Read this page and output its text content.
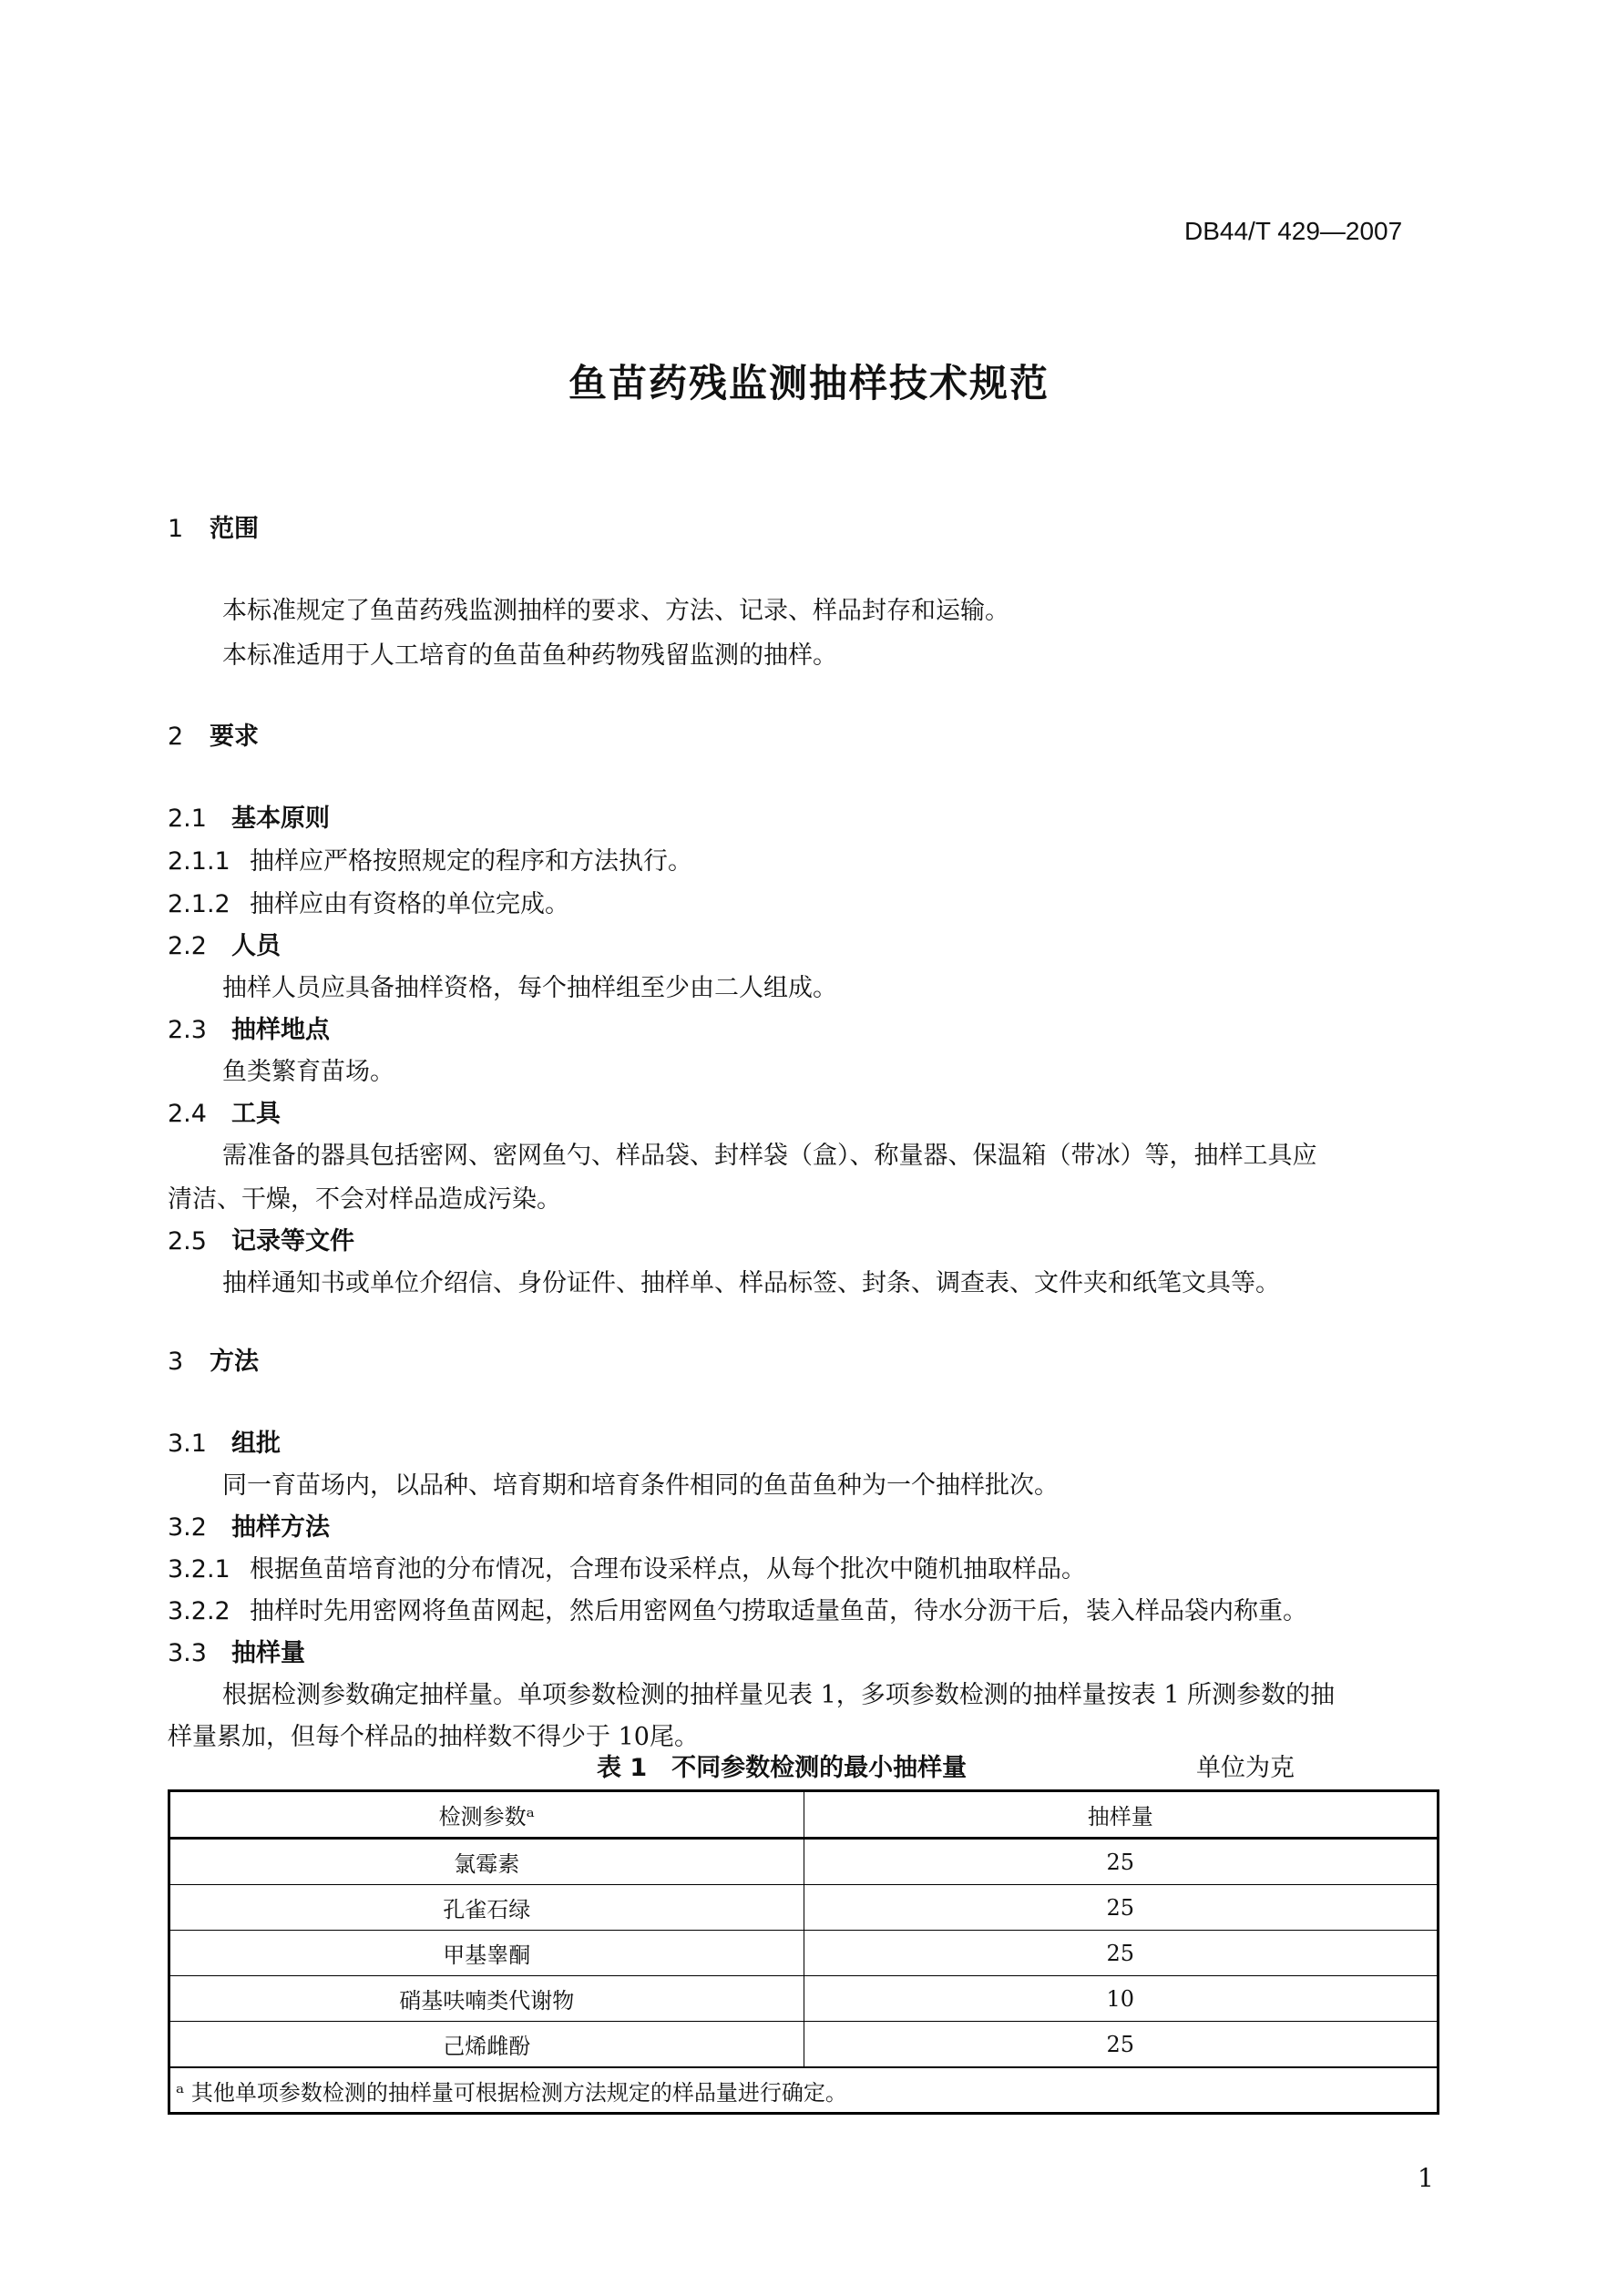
DB44/T 429—2007
鱼苗药残监测抽样技术规范
1 范围
本标准规定了鱼苗药残监测抽样的要求、方法、记录、样品封存和运输。
本标准适用于人工培育的鱼苗鱼种药物残留监测的抽样。
2 要求
2.1 基本原则
2.1.1 抽样应严格按照规定的程序和方法执行。
2.1.2 抽样应由有资格的单位完成。
2.2 人员
抽样人员应具备抽样资格，每个抽样组至少由二人组成。
2.3 抽样地点
鱼类繁育苗场。
2.4 工具
需准备的器具包括密网、密网鱼勺、样品袋、封样袋（盒）、称量器、保温箱（带冰）等，抽样工具应
清洁、干燥，不会对样品造成污染。
2.5 记录等文件
抽样通知书或单位介绍信、身份证件、抽样单、样品标签、封条、调查表、文件夹和纸笔文具等。
3 方法
3.1 组批
同一育苗场内，以品种、培育期和培育条件相同的鱼苗鱼种为一个抽样批次。
3.2 抽样方法
3.2.1 根据鱼苗培育池的分布情况，合理布设采样点，从每个批次中随机抽取样品。
3.2.2 抽样时先用密网将鱼苗网起，然后用密网鱼勺捞取适量鱼苗，待水分沥干后，装入样品袋内称重。
3.3 抽样量
根据检测参数确定抽样量。单项参数检测的抽样量见表 1，多项参数检测的抽样量按表 1 所测参数的抽
样量累加，但每个样品的抽样数不得少于 10尾。
表 1　不同参数检测的最小抽样量	单位为克
检测参数ᵃ	抽样量
氯霉素	25
孔雀石绿	25
甲基睾酮	25
硝基呋喃类代谢物	10
己烯雌酚	25
ᵃ 其他单项参数检测的抽样量可根据检测方法规定的样品量进行确定。	
1
